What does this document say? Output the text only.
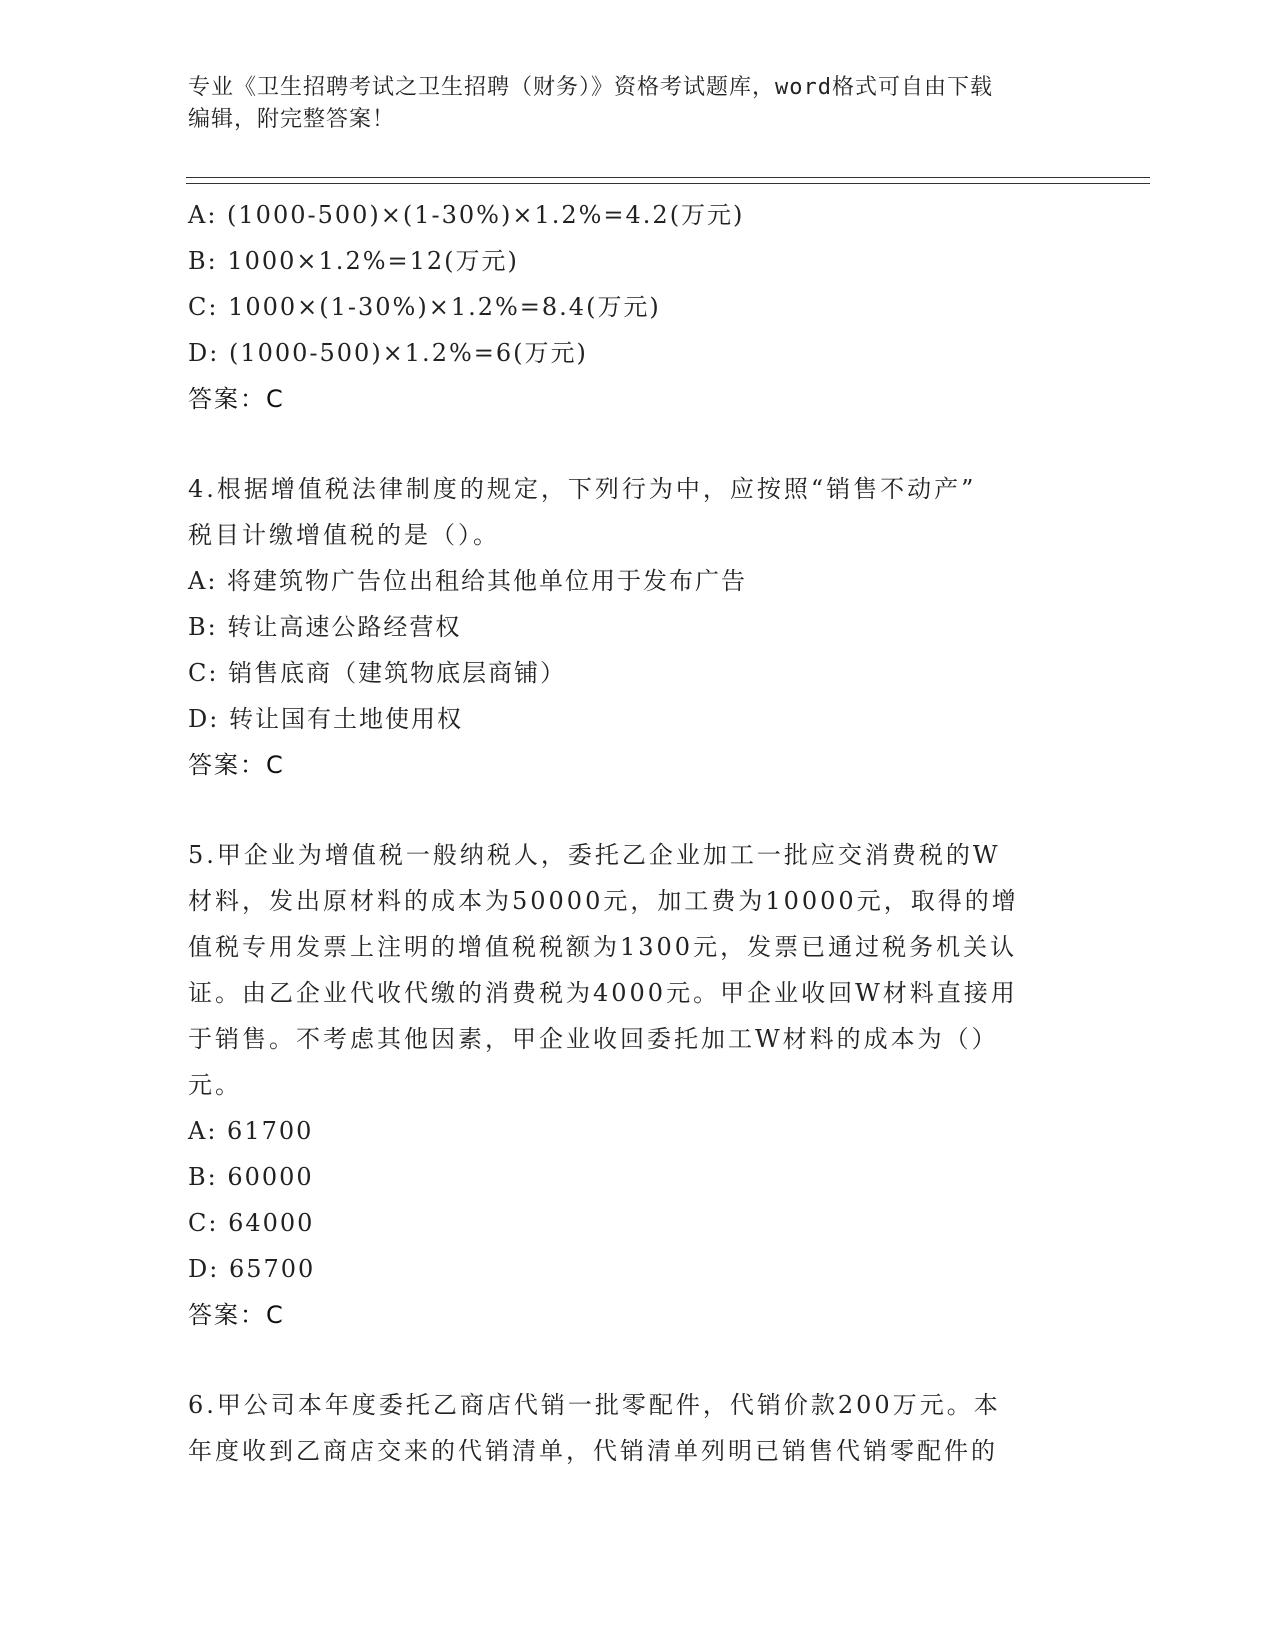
专业《卫生招聘考试之卫生招聘（财务）》资格考试题库，word格式可自由下载
编辑，附完整答案！
A: (1000-500)×(1-30%)×1.2%=4.2(万元)
B: 1000×1.2%=12(万元)
C: 1000×(1-30%)×1.2%=8.4(万元)
D: (1000-500)×1.2%=6(万元)
答案：C
4.根据增值税法律制度的规定，下列行为中，应按照“销售不动产”
税目计缴增值税的是（）。
A: 将建筑物广告位出租给其他单位用于发布广告
B: 转让高速公路经营权
C: 销售底商（建筑物底层商铺）
D: 转让国有土地使用权
答案：C
5.甲企业为增值税一般纳税人，委托乙企业加工一批应交消费税的W
材料，发出原材料的成本为50000元，加工费为10000元，取得的增
值税专用发票上注明的增值税税额为1300元，发票已通过税务机关认
证。由乙企业代收代缴的消费税为4000元。甲企业收回W材料直接用
于销售。不考虑其他因素，甲企业收回委托加工W材料的成本为（）
元。
A: 61700
B: 60000
C: 64000
D: 65700
答案：C
6.甲公司本年度委托乙商店代销一批零配件，代销价款200万元。本
年度收到乙商店交来的代销清单，代销清单列明已销售代销零配件的
